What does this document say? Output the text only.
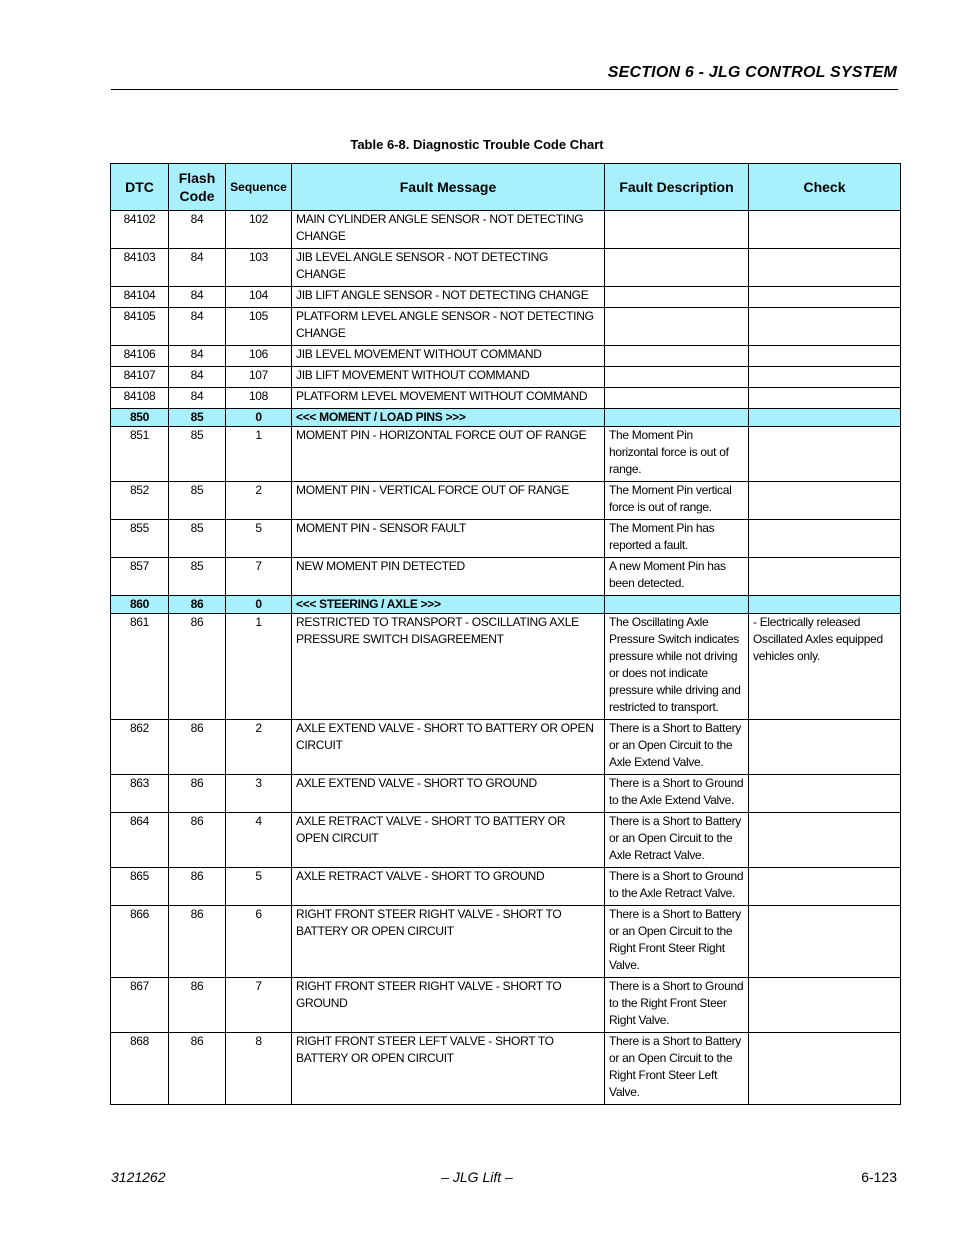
SECTION 6 - JLG CONTROL SYSTEM
Table 6-8. Diagnostic Trouble Code Chart
DTC	Flash Code	Sequence	Fault Message	Fault Description	Check
84102	84	102	MAIN CYLINDER ANGLE SENSOR - NOT DETECTING CHANGE		
84103	84	103	JIB LEVEL ANGLE SENSOR - NOT DETECTING CHANGE		
84104	84	104	JIB LIFT ANGLE SENSOR - NOT DETECTING CHANGE		
84105	84	105	PLATFORM LEVEL ANGLE SENSOR - NOT DETECTING CHANGE		
84106	84	106	JIB LEVEL MOVEMENT WITHOUT COMMAND		
84107	84	107	JIB LIFT MOVEMENT WITHOUT COMMAND		
84108	84	108	PLATFORM LEVEL MOVEMENT WITHOUT COMMAND		
850	85	0	<<< MOMENT / LOAD PINS >>>		
851	85	1	MOMENT PIN - HORIZONTAL FORCE OUT OF RANGE	The Moment Pin horizontal force is out of range.	
852	85	2	MOMENT PIN - VERTICAL FORCE OUT OF RANGE	The Moment Pin vertical force is out of range.	
855	85	5	MOMENT PIN - SENSOR FAULT	The Moment Pin has reported a fault.	
857	85	7	NEW MOMENT PIN DETECTED	A new Moment Pin has been detected.	
860	86	0	<<< STEERING / AXLE >>>		
861	86	1	RESTRICTED TO TRANSPORT - OSCILLATING AXLE PRESSURE SWITCH DISAGREEMENT	The Oscillating Axle Pressure Switch indicates pressure while not driving or does not indicate pressure while driving and restricted to transport.	- Electrically released Oscillated Axles equipped vehicles only.
862	86	2	AXLE EXTEND VALVE - SHORT TO BATTERY OR OPEN CIRCUIT	There is a Short to Battery or an Open Circuit to the Axle Extend Valve.	
863	86	3	AXLE EXTEND VALVE - SHORT TO GROUND	There is a Short to Ground to the Axle Extend Valve.	
864	86	4	AXLE RETRACT VALVE - SHORT TO BATTERY OR OPEN CIRCUIT	There is a Short to Battery or an Open Circuit to the Axle Retract Valve.	
865	86	5	AXLE RETRACT VALVE - SHORT TO GROUND	There is a Short to Ground to the Axle Retract Valve.	
866	86	6	RIGHT FRONT STEER RIGHT VALVE - SHORT TO BATTERY OR OPEN CIRCUIT	There is a Short to Battery or an Open Circuit to the Right Front Steer Right Valve.	
867	86	7	RIGHT FRONT STEER RIGHT VALVE - SHORT TO GROUND	There is a Short to Ground to the Right Front Steer Right Valve.	
868	86	8	RIGHT FRONT STEER LEFT VALVE - SHORT TO BATTERY OR OPEN CIRCUIT	There is a Short to Battery or an Open Circuit to the Right Front Steer Left Valve.	
3121262	– JLG Lift –	6-123
